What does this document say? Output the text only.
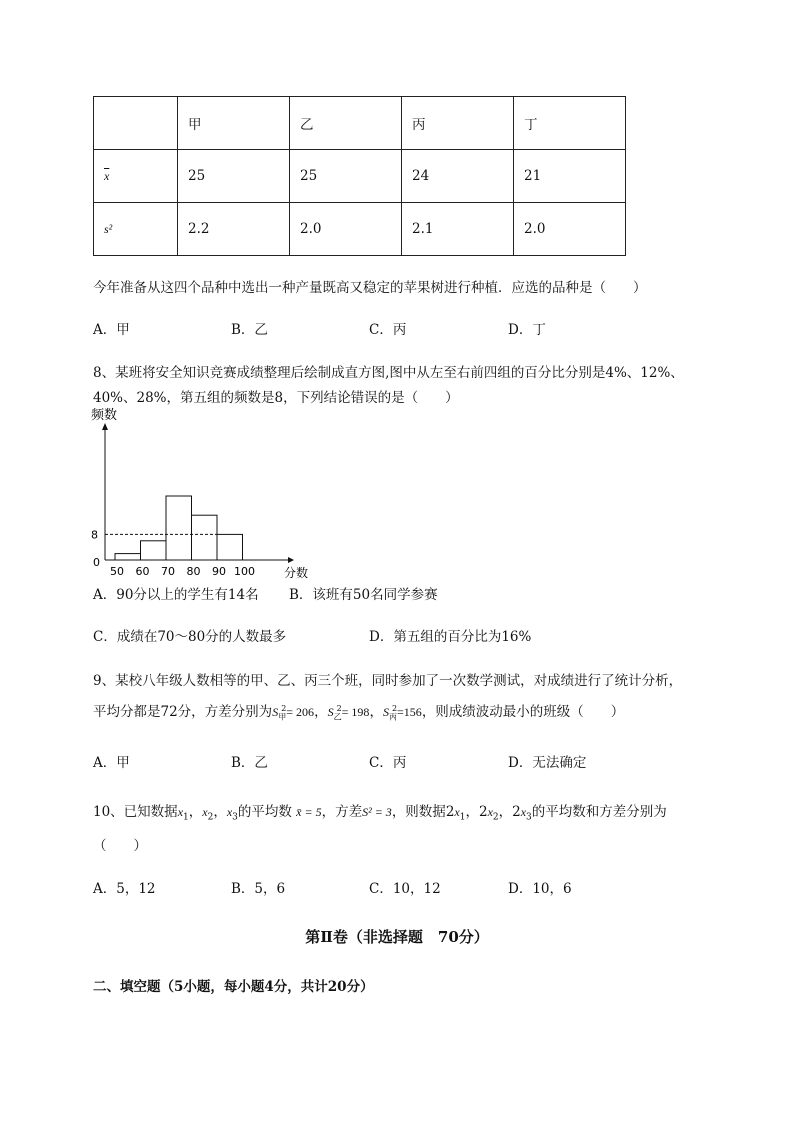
	甲	乙	丙	丁
$\overline{x}$	25	25	24	21
s²	2.2	2.0	2.1	2.0
今年准备从这四个品种中选出一种产量既高又稳定的苹果树进行种植．应选的品种是（　　）
A．甲	B．乙	C．丙	D．丁
8、某班将安全知识竞赛成绩整理后绘制成直方图,图中从左至右前四组的百分比分别是4%、12%、
40%、28%，第五组的频数是8，下列结论错误的是（　　）
频数
分数
0
8
50 60 70 80 90 100
A．90分以上的学生有14名 B．该班有50名同学参赛
C．成绩在70～80分的人数最多	D．第五组的百分比为16%
9、某校八年级人数相等的甲、乙、丙三个班，同时参加了一次数学测试，对成绩进行了统计分析，
平均分都是72分，方差分别为$S_甲^2= 206$，$S_乙^2= 198$，$S_丙^2=156$，则成绩波动最小的班级（　　）
A．甲	B．乙	C．丙	D．无法确定
10、已知数据$x_1$，$x_2$，$x_3$的平均数 x̄ = 5，方差S² = 3，则数据$2x_1$，$2x_2$，$2x_3$的平均数和方差分别为
（　　）
A．5，12	B．5，6	C．10，12	D．10，6
第Ⅱ卷（非选择题　70分）
二、填空题（5小题，每小题4分，共计20分）
